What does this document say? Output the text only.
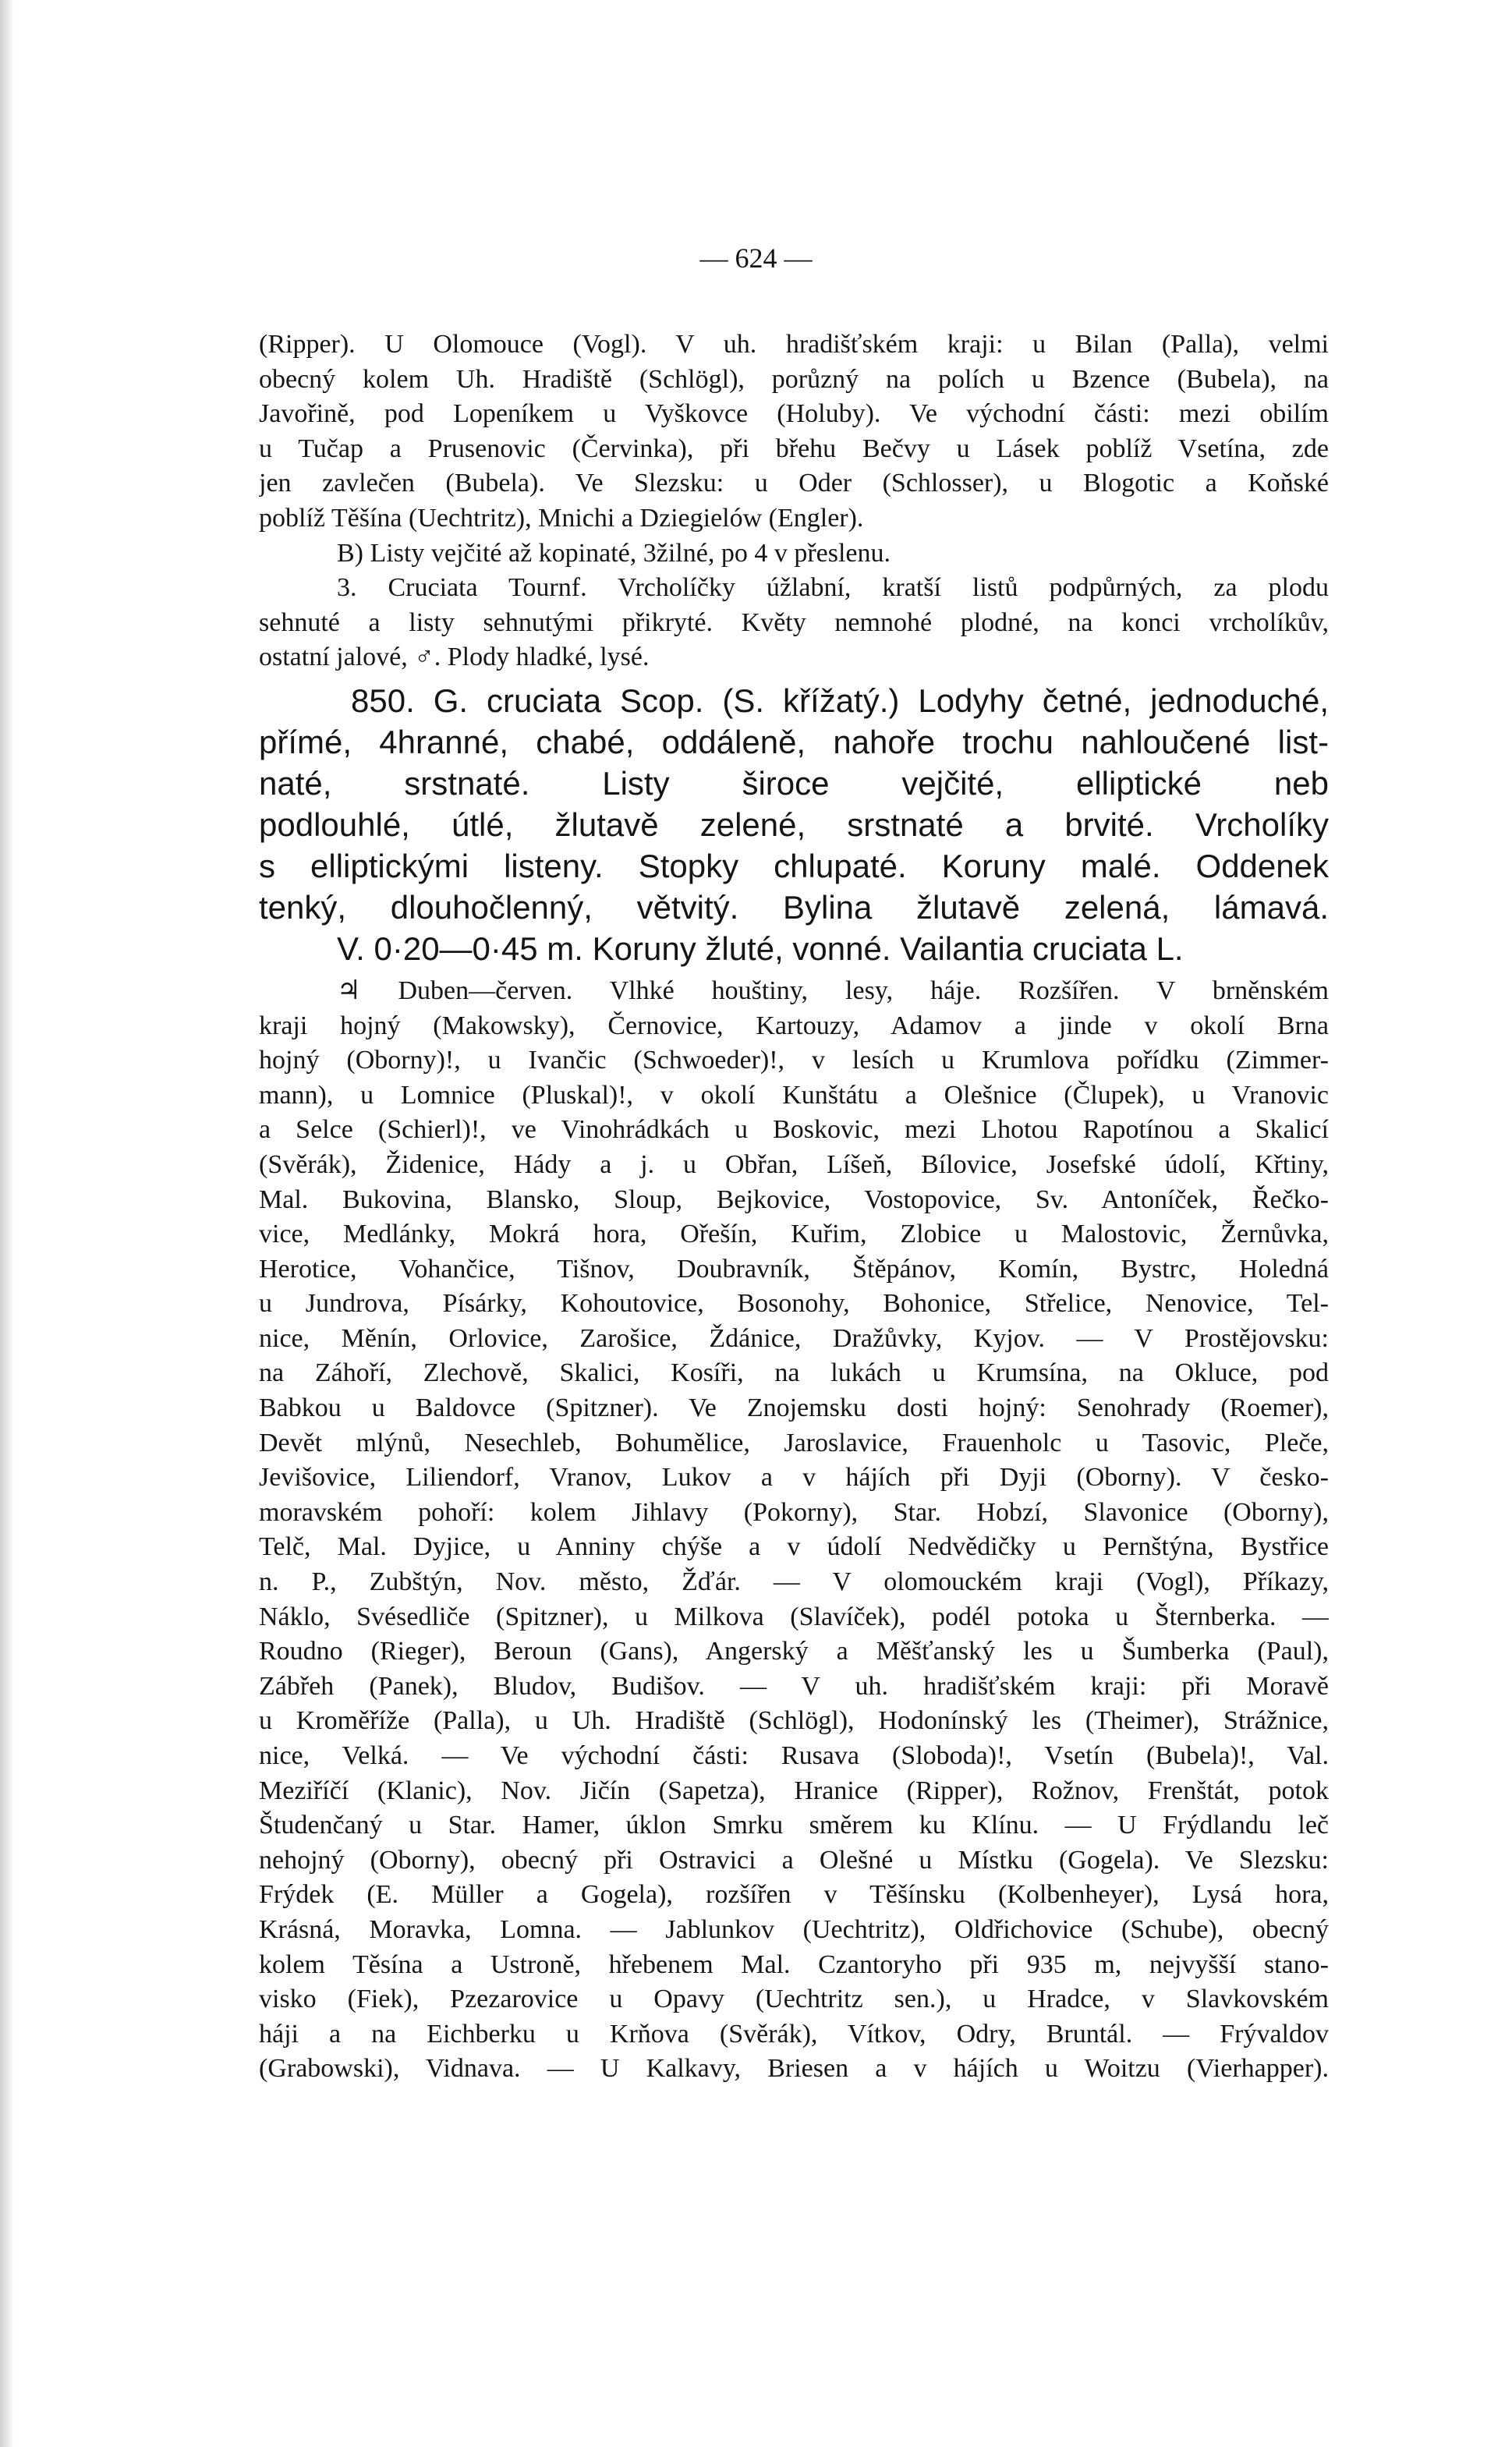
— 624 —
(Ripper). U Olomouce (Vogl). V uh. hradišťském kraji: u Bilan (Palla), velmi
obecný kolem Uh. Hradiště (Schlögl), porůzný na polích u Bzence (Bubela), na
Javořině, pod Lopeníkem u Vyškovce (Holuby). Ve východní části: mezi obilím
u Tučap a Prusenovic (Červinka), při břehu Bečvy u Lásek poblíž Vsetína, zde
jen zavlečen (Bubela). Ve Slezsku: u Oder (Schlosser), u Blogotic a Koňské
poblíž Těšína (Uechtritz), Mnichi a Dziegielów (Engler).
B) Listy vejčité až kopinaté, 3žilné, po 4 v přeslenu.
3. Cruciata Tournf. Vrcholíčky úžlabní, kratší listů podpůrných, za plodu
sehnuté a listy sehnutými přikryté. Květy nemnohé plodné, na konci vrcholíkův,
ostatní jalové, ♂. Plody hladké, lysé.
850. G. cruciata Scop. (S. křížatý.) Lodyhy četné, jednoduché,
přímé, 4hranné, chabé, oddáleně, nahoře trochu nahloučené list-
naté, srstnaté. Listy široce vejčité, elliptické neb
podlouhlé, útlé, žlutavě zelené, srstnaté a brvité. Vrcholíky
s elliptickými listeny. Stopky chlupaté. Koruny malé. Oddenek
tenký, dlouhočlenný, větvitý. Bylina žlutavě zelená, lámavá.
V. 0·20—0·45 m. Koruny žluté, vonné. Vailantia cruciata L.
♃ Duben—červen. Vlhké houštiny, lesy, háje. Rozšířen. V brněnském
kraji hojný (Makowsky), Černovice, Kartouzy, Adamov a jinde v okolí Brna
hojný (Oborny)!, u Ivančic (Schwoeder)!, v lesích u Krumlova pořídku (Zimmer-
mann), u Lomnice (Pluskal)!, v okolí Kunštátu a Olešnice (Člupek), u Vranovic
a Selce (Schierl)!, ve Vinohrádkách u Boskovic, mezi Lhotou Rapotínou a Skalicí
(Svěrák), Židenice, Hády a j. u Obřan, Líšeň, Bílovice, Josefské údolí, Křtiny,
Mal. Bukovina, Blansko, Sloup, Bejkovice, Vostopovice, Sv. Antoníček, Řečko-
vice, Medlánky, Mokrá hora, Ořešín, Kuřim, Zlobice u Malostovic, Žernůvka,
Herotice, Vohančice, Tišnov, Doubravník, Štěpánov, Komín, Bystrc, Holedná
u Jundrova, Písárky, Kohoutovice, Bosonohy, Bohonice, Střelice, Nenovice, Tel-
nice, Měnín, Orlovice, Zarošice, Ždánice, Dražůvky, Kyjov. — V Prostějovsku:
na Záhoří, Zlechově, Skalici, Kosíři, na lukách u Krumsína, na Okluce, pod
Babkou u Baldovce (Spitzner). Ve Znojemsku dosti hojný: Senohrady (Roemer),
Devět mlýnů, Nesechleb, Bohumělice, Jaroslavice, Frauenholc u Tasovic, Pleče,
Jevišovice, Liliendorf, Vranov, Lukov a v hájích při Dyji (Oborny). V česko-
moravském pohoří: kolem Jihlavy (Pokorny), Star. Hobzí, Slavonice (Oborny),
Telč, Mal. Dyjice, u Anniny chýše a v údolí Nedvědičky u Pernštýna, Bystřice
n. P., Zubštýn, Nov. město, Žďár. — V olomouckém kraji (Vogl), Příkazy,
Náklo, Svésedliče (Spitzner), u Milkova (Slavíček), podél potoka u Šternberka. —
Roudno (Rieger), Beroun (Gans), Angerský a Měšťanský les u Šumberka (Paul),
Zábřeh (Panek), Bludov, Budišov. — V uh. hradišťském kraji: při Moravě
u Kroměříže (Palla), u Uh. Hradiště (Schlögl), Hodonínský les (Theimer), Strážnice,
nice, Velká. — Ve východní části: Rusava (Sloboda)!, Vsetín (Bubela)!, Val.
Meziříčí (Klanic), Nov. Jičín (Sapetza), Hranice (Ripper), Rožnov, Frenštát, potok
Študenčaný u Star. Hamer, úklon Smrku směrem ku Klínu. — U Frýdlandu leč
nehojný (Oborny), obecný při Ostravici a Olešné u Místku (Gogela). Ve Slezsku:
Frýdek (E. Müller a Gogela), rozšířen v Těšínsku (Kolbenheyer), Lysá hora,
Krásná, Moravka, Lomna. — Jablunkov (Uechtritz), Oldřichovice (Schube), obecný
kolem Těsína a Ustroně, hřebenem Mal. Czantoryho při 935 m, nejvyšší stano-
visko (Fiek), Pzezarovice u Opavy (Uechtritz sen.), u Hradce, v Slavkovském
háji a na Eichberku u Krňova (Svěrák), Vítkov, Odry, Bruntál. — Frývaldov
(Grabowski), Vidnava. — U Kalkavy, Briesen a v hájích u Woitzu (Vierhapper).
